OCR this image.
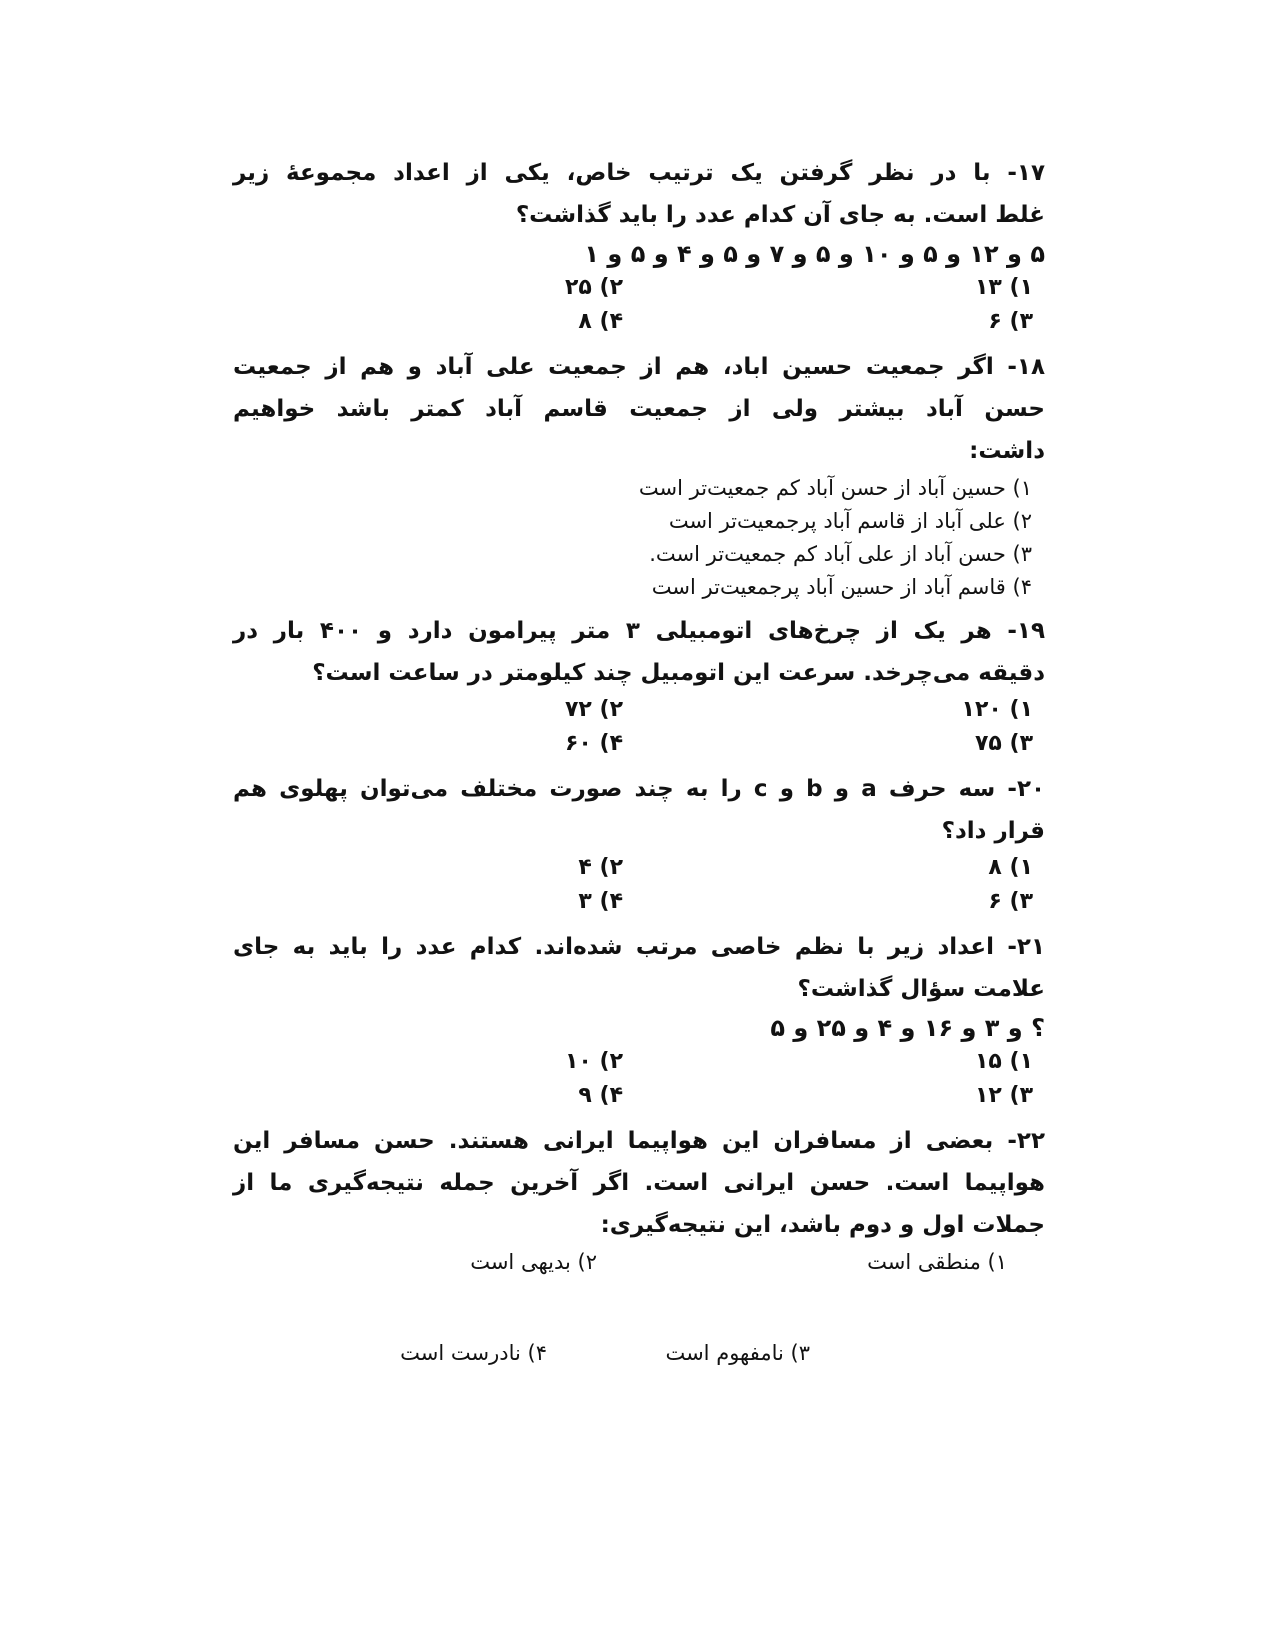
۱۷- با در نظر گرفتن یک ترتیب خاص، یکی از اعداد مجموعهٔ زیر
غلط است. به جای آن کدام عدد را باید گذاشت؟
۵ و ۱۲ و ۵ و ۱۰ و ۵ و ۷ و ۵ و ۴ و ۵ و ۱
۱) ۱۳
۲) ۲۵
۳) ۶
۴) ۸
۱۸- اگر جمعیت حسین اباد، هم از جمعیت علی آباد و هم از جمعیت
حسن آباد بیشتر ولی از جمعیت قاسم آباد کمتر باشد خواهیم
داشت:
۱) حسین آباد از حسن آباد کم جمعیت‌تر است
۲) علی آباد از قاسم آباد پرجمعیت‌تر است
۳) حسن آباد از علی آباد کم جمعیت‌تر است.
۴) قاسم آباد از حسین آباد پرجمعیت‌تر است
۱۹- هر یک از چرخ‌های اتومبیلی ۳ متر پیرامون دارد و ۴۰۰ بار در
دقیقه می‌چرخد. سرعت این اتومبیل چند کیلومتر در ساعت است؟
۱) ۱۲۰
۲) ۷۲
۳) ۷۵
۴) ۶۰
۲۰- سه حرف a و b و c را به چند صورت مختلف می‌توان پهلوی هم
قرار داد؟
۱) ۸
۲) ۴
۳) ۶
۴) ۳
۲۱- اعداد زیر با نظم خاصی مرتب شده‌اند. کدام عدد را باید به جای
علامت سؤال گذاشت؟
؟ و ۳ و ۱۶ و ۴ و ۲۵ و ۵
۱) ۱۵
۲) ۱۰
۳) ۱۲
۴) ۹
۲۲- بعضی از مسافران این هواپیما ایرانی هستند. حسن مسافر این
هواپیما است. حسن ایرانی است. اگر آخرین جمله نتیجه‌گیری ما از
جملات اول و دوم باشد، این نتیجه‌گیری:
۱) منطقی است
۲) بدیهی است
۳) نامفهوم است
۴) نادرست است
